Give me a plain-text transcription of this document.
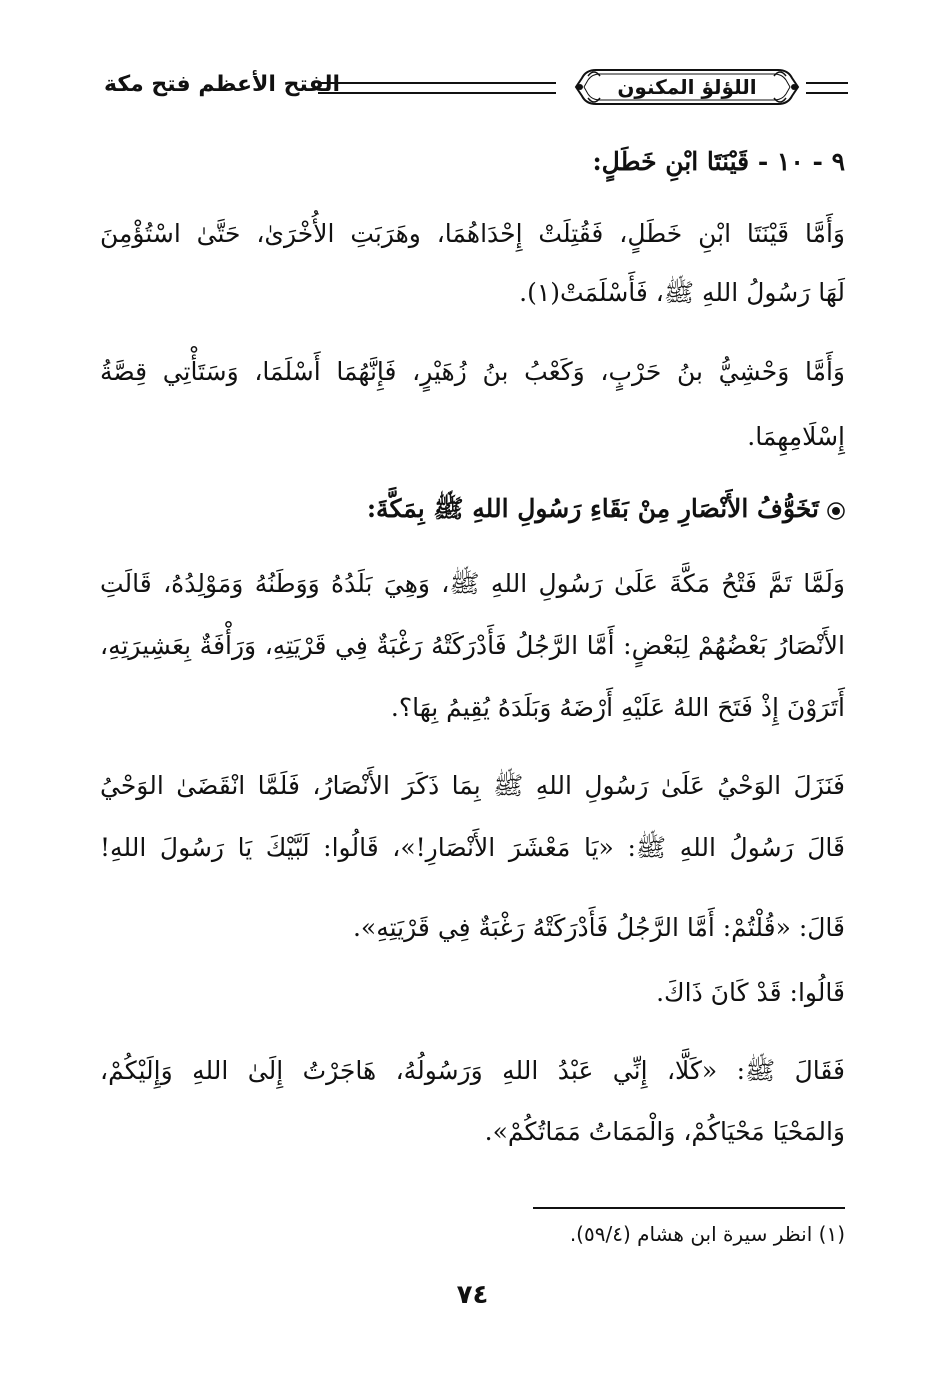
الفتح الأعظم فتح مكة	اللؤلؤ المكنون
٩ - ١٠ - قَيْنَتَا ابْنِ خَطَلٍ:
وَأَمَّا قَيْنَتَا ابْنِ خَطَلٍ، فَقُتِلَتْ إِحْدَاهُمَا، وهَرَبَتِ الأُخْرَىٰ، حَتَّىٰ اسْتُؤْمِنَ
لَهَا رَسُولُ اللهِ ﷺ، فَأَسْلَمَتْ(١).
وَأَمَّا وَحْشِيُّ بنُ حَرْبٍ، وَكَعْبُ بنُ زُهَيْرٍ، فَإِنَّهُمَا أَسْلَمَا، وَسَتَأْتِي قِصَّةُ
إِسْلَامِهِمَا.
تَخَوُّفُ الأَنْصَارِ مِنْ بَقَاءِ رَسُولِ اللهِ ﷺ بِمَكَّةَ:
وَلَمَّا تَمَّ فَتْحُ مَكَّةَ عَلَىٰ رَسُولِ اللهِ ﷺ، وَهِيَ بَلَدُهُ وَوَطَنُهُ وَمَوْلِدُهُ، قَالَتِ
الأَنْصَارُ بَعْضُهُمْ لِبَعْضٍ: أَمَّا الرَّجُلُ فَأَدْرَكَتْهُ رَغْبَةٌ فِي قَرْيَتِهِ، وَرَأْفَةٌ بِعَشِيرَتِهِ،
أَتَرَوْنَ إِذْ فَتَحَ اللهُ عَلَيْهِ أَرْضَهُ وَبَلَدَهُ يُقِيمُ بِهَا؟.
فَنَزَلَ الوَحْيُ عَلَىٰ رَسُولِ اللهِ ﷺ بِمَا ذَكَرَ الأَنْصَارُ، فَلَمَّا انْقَضَىٰ الوَحْيُ
قَالَ رَسُولُ اللهِ ﷺ: «يَا مَعْشَرَ الأَنْصَارِ!»، قَالُوا: لَبَّيْكَ يَا رَسُولَ اللهِ!
قَالَ: «قُلْتُمْ: أَمَّا الرَّجُلُ فَأَدْرَكَتْهُ رَغْبَةٌ فِي قَرْيَتِهِ».
قَالُوا: قَدْ كَانَ ذَاكَ.
فَقَالَ ﷺ: «كَلَّا، إِنِّي عَبْدُ اللهِ وَرَسُولُهُ، هَاجَرْتُ إِلَىٰ اللهِ وَإِلَيْكُمْ،
وَالمَحْيَا مَحْيَاكُمْ، وَالْمَمَاتُ مَمَاتُكُمْ».
(١) انظر سيرة ابن هشام (٥٩/٤).
٧٤
